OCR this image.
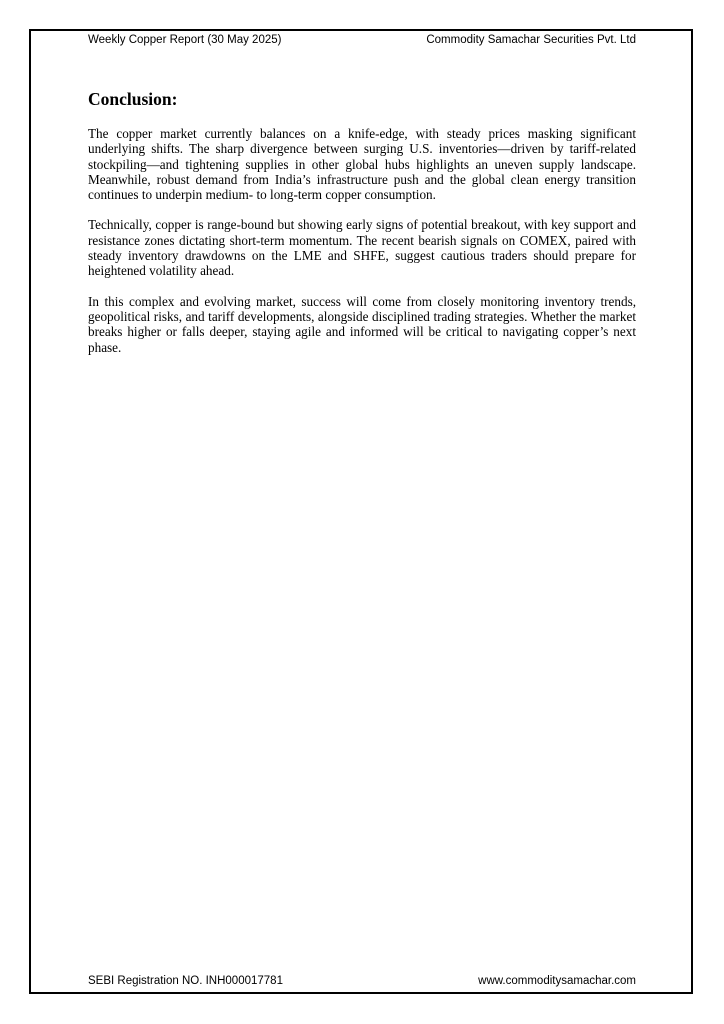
Weekly Copper Report (30 May 2025)	Commodity Samachar Securities Pvt. Ltd
Conclusion:

The copper market currently balances on a knife-edge, with steady prices masking significant underlying shifts. The sharp divergence between surging U.S. inventories—driven by tariff-related stockpiling—and tightening supplies in other global hubs highlights an uneven supply landscape. Meanwhile, robust demand from India’s infrastructure push and the global clean energy transition continues to underpin medium- to long-term copper consumption.

Technically, copper is range-bound but showing early signs of potential breakout, with key support and resistance zones dictating short-term momentum. The recent bearish signals on COMEX, paired with steady inventory drawdowns on the LME and SHFE, suggest cautious traders should prepare for heightened volatility ahead.

In this complex and evolving market, success will come from closely monitoring inventory trends, geopolitical risks, and tariff developments, alongside disciplined trading strategies. Whether the market breaks higher or falls deeper, staying agile and informed will be critical to navigating copper’s next phase.

SEBI Registration NO. INH000017781	www.commoditysamachar.com
